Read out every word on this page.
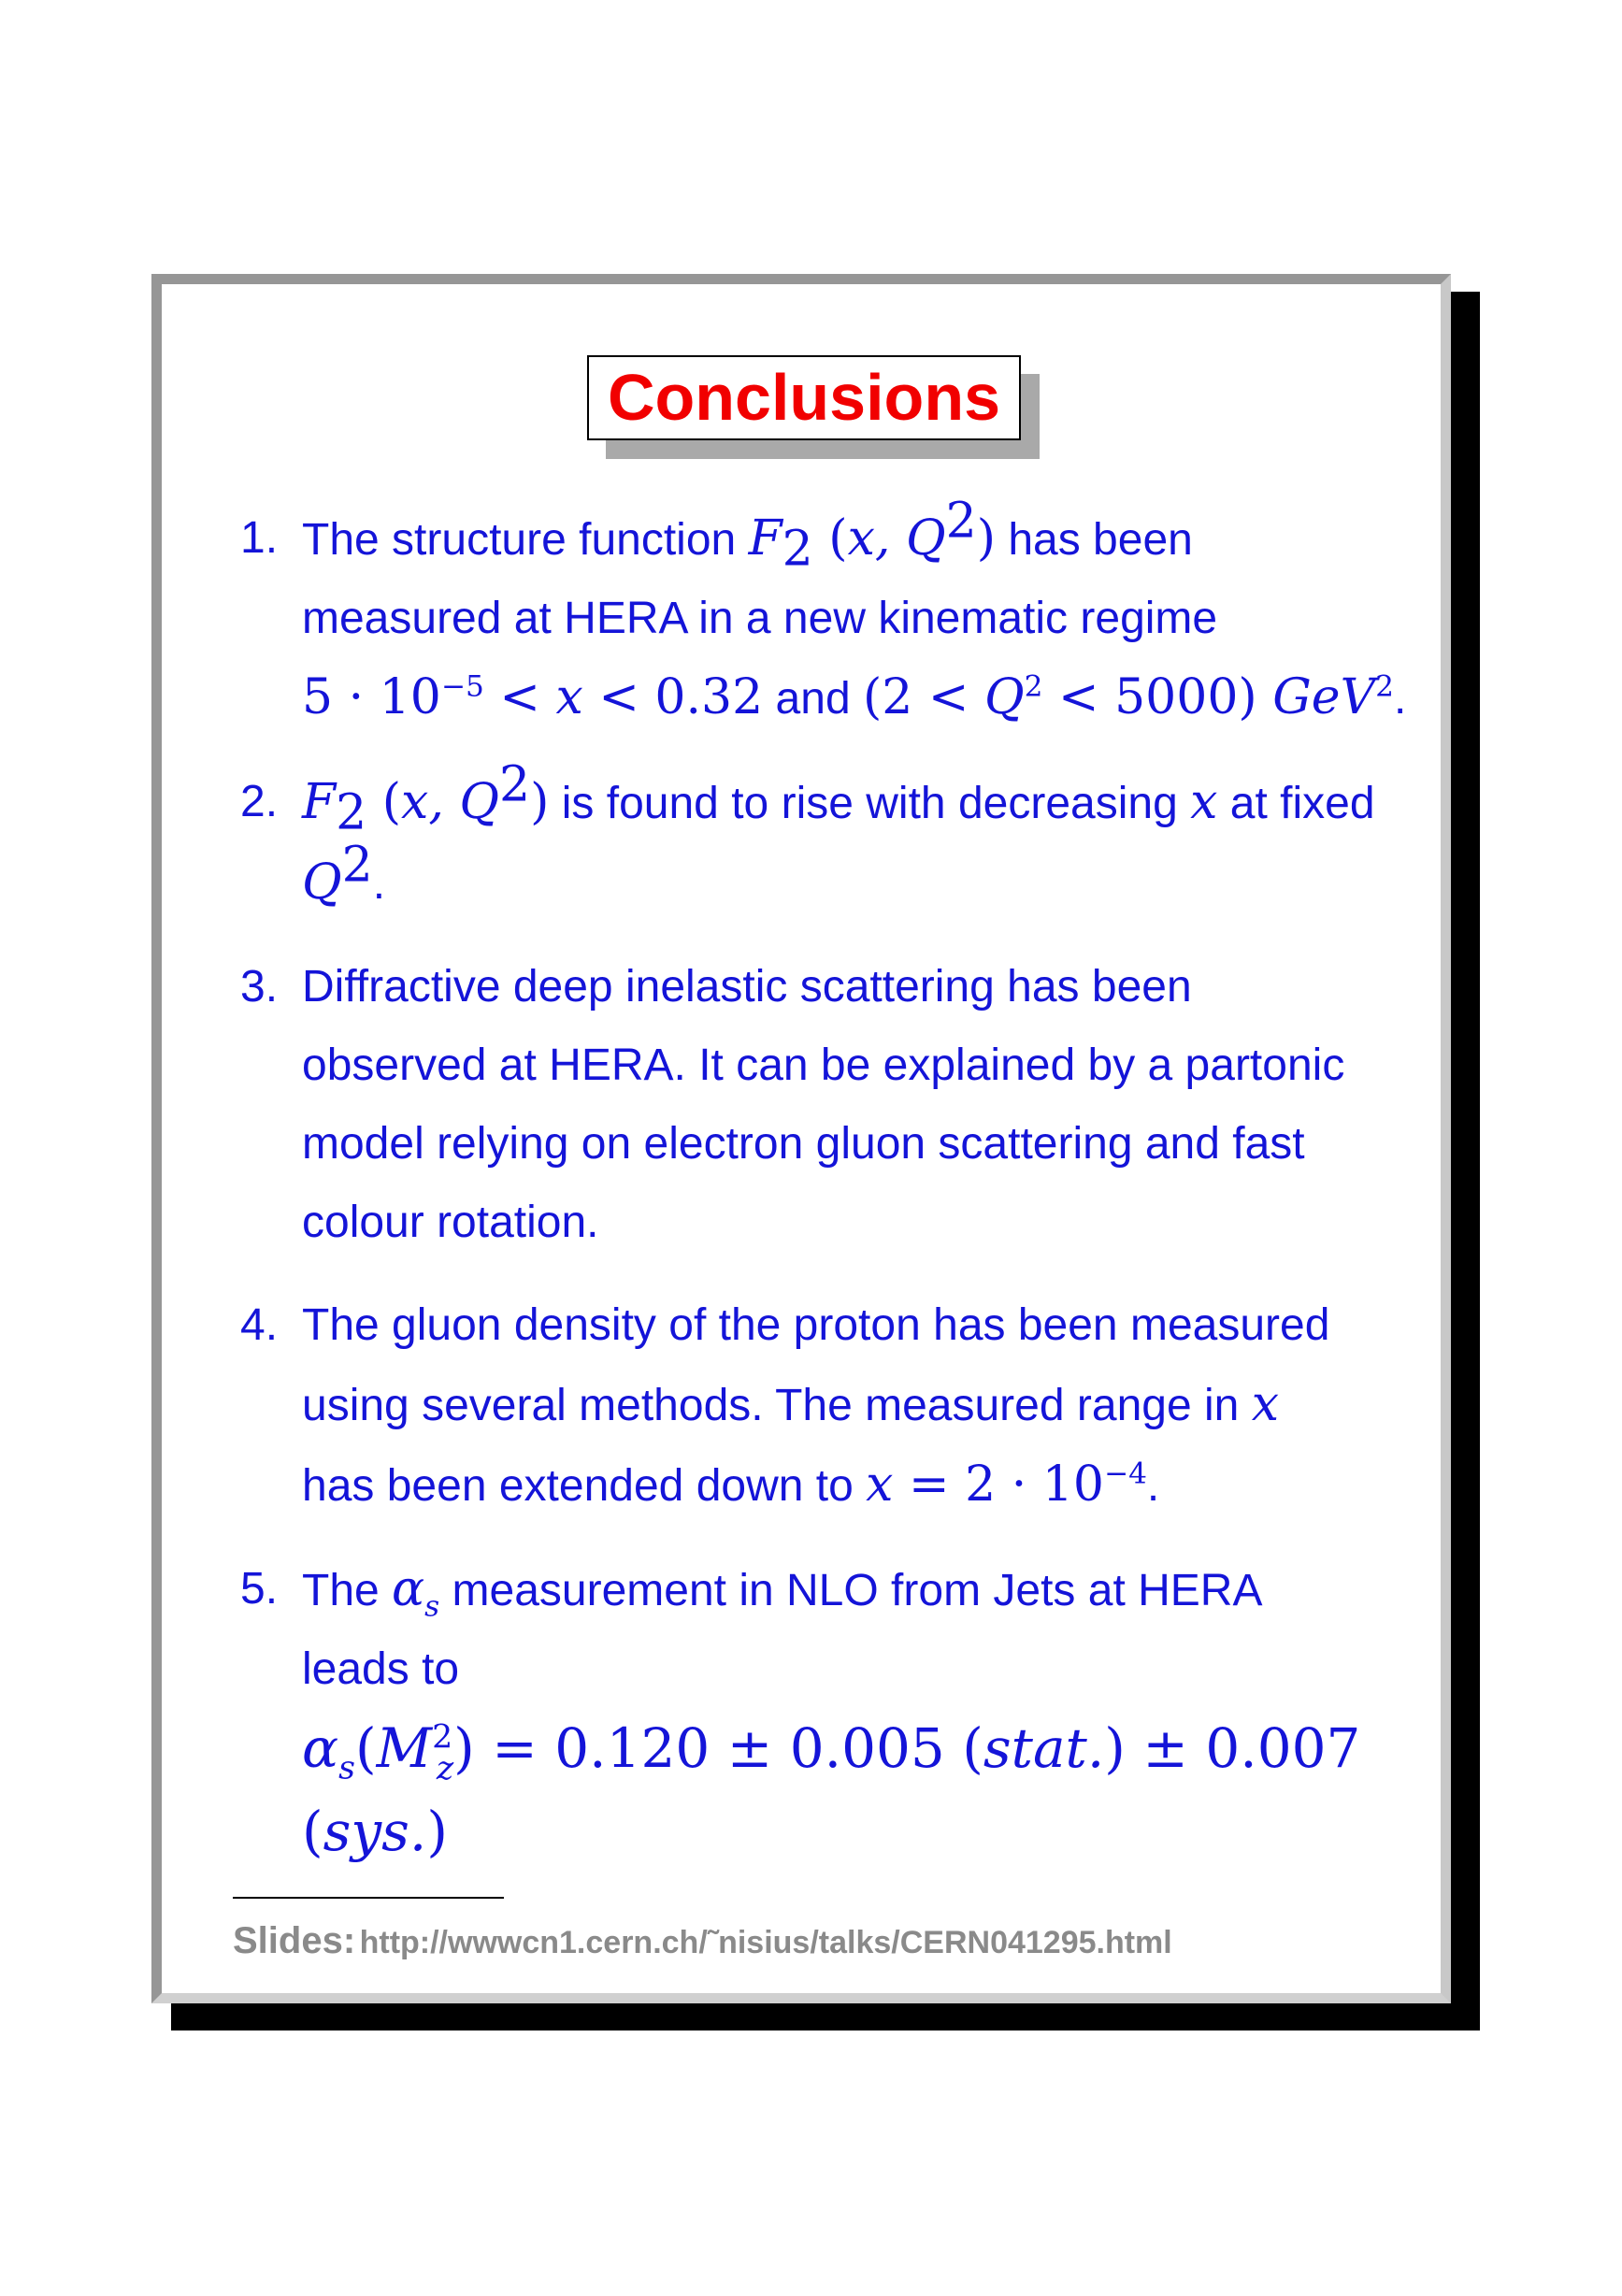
Conclusions
1. The structure function $F_2$ (x, $Q^2$) has been
measured at HERA in a new kinematic regime
$5 \cdot 10^{-5} < x < 0.32$ and $(2 < Q^2 < 5000)$ GeV$^2$.
2. $F_2$ (x, $Q^2$) is found to rise with decreasing x at fixed
$Q^2$.
3. Diffractive deep inelastic scattering has been
observed at HERA. It can be explained by a partonic
model relying on electron gluon scattering and fast
colour rotation.
4. The gluon density of the proton has been measured
using several methods. The measured range in x
has been extended down to $x = 2 \cdot 10^{-4}$.
5. The $\alpha_s$ measurement in NLO from Jets at HERA
leads to
$\alpha_s(M^2_z) = 0.120 \pm 0.005$ (stat.) ± 0.007 (sys.)
Slides: http://wwwcn1.cern.ch/˜nisius/talks/CERN041295.html
